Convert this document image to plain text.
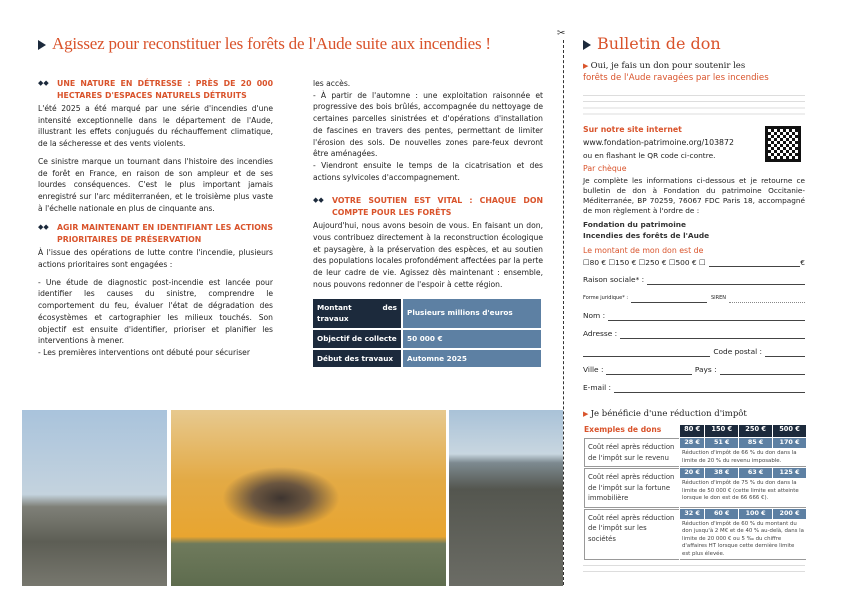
Agissez pour reconstituer les forêts de l'Aude suite aux incendies !
◆◆ UNE NATURE EN DÉTRESSE : PRÈS DE 20 000 HECTARES D'ESPACES NATURELS DÉTRUITS

L'été 2025 a été marqué par une série d'incendies d'une intensité exceptionnelle dans le département de l'Aude, illustrant les effets conjugués du réchauffement climatique, de la sécheresse et des vents violents.

Ce sinistre marque un tournant dans l'histoire des incendies de forêt en France, en raison de son ampleur et de ses lourdes conséquences. C'est le plus important jamais enregistré sur l'arc méditerranéen, et le troisième plus vaste à l'échelle nationale en plus de cinquante ans.

◆◆ AGIR MAINTENANT EN IDENTIFIANT LES ACTIONS PRIORITAIRES DE PRÉSERVATION

À l'issue des opérations de lutte contre l'incendie, plusieurs actions prioritaires sont engagées :

- Une étude de diagnostic post-incendie est lancée pour identifier les causes du sinistre, comprendre le comportement du feu, évaluer l'état de dégradation des écosystèmes et cartographier les milieux touchés. Son objectif est ensuite d'identifier, prioriser et planifier les interventions à mener.

- Les premières interventions ont débuté pour sécuriser

les accès.

- À partir de l'automne : une exploitation raisonnée et progressive des bois brûlés, accompagnée du nettoyage de certaines parcelles sinistrées et d'opérations d'installation de fascines en travers des pentes, permettant de limiter l'érosion des sols. De nouvelles zones pare-feux devront être aménagées.

- Viendront ensuite le temps de la cicatrisation et des actions sylvicoles d'accompagnement.

◆◆ VOTRE SOUTIEN EST VITAL : CHAQUE DON COMPTE POUR LES FORÊTS

Aujourd'hui, nous avons besoin de vous. En faisant un don, vous contribuez directement à la reconstruction écologique et paysagère, à la préservation des espèces, et au soutien des populations locales profondément affectées par la perte de leur cadre de vie. Agissez dès maintenant : ensemble, nous pouvons redonner de l'espoir à cette région.

Montant des travaux	Plusieurs millions d'euros
Objectif de collecte	50 000 €
Début des travaux	Automne 2025
✂
Bulletin de don
▶ Oui, je fais un don pour soutenir les
forêts de l'Aude ravagées par les incendies
Sur notre site internet
www.fondation-patrimoine.org/103872
ou en flashant le QR code ci-contre.
Par chèque
Je complète les informations ci-dessous et je retourne ce bulletin de don à Fondation du patrimoine Occitanie-Méditerranée, BP 70259, 76067 FDC Paris 18, accompagné de mon règlement à l'ordre de :
Fondation du patrimoine
Incendies des forêts de l'Aude
Le montant de mon don est de
☐80 €
☐150 €
☐250 €
☐500 € ☐	€
Raison sociale* :
Forme juridique* :	SIREN
Nom :
Adresse :
Code postal :
Ville :	Pays :
E-mail :
▶ Je bénéficie d'une réduction d'impôt
Exemples de dons	80 €	150 €	250 €	500 €
Coût réel après réduction de l'impôt sur le revenu	28 €	51 €	85 €	170 €
	Réduction d'impôt de 66 % du don dans la limite de 20 % du revenu imposable.			
Coût réel après réduction de l'impôt sur la fortune immobilière	20 €	38 €	63 €	125 €
	Réduction d'impôt de 75 % du don dans la limite de 50 000 € (cette limite est atteinte lorsque le don est de 66 666 €).			
Coût réel après réduction de l'impôt sur les sociétés	32 €	60 €	100 €	200 €
	Réduction d'impôt de 60 % du montant du don jusqu'à 2 M€ et de 40 % au-delà, dans la limite de 20 000 € ou 5 ‰ du chiffre d'affaires HT lorsque cette dernière limite est plus élevée.			
